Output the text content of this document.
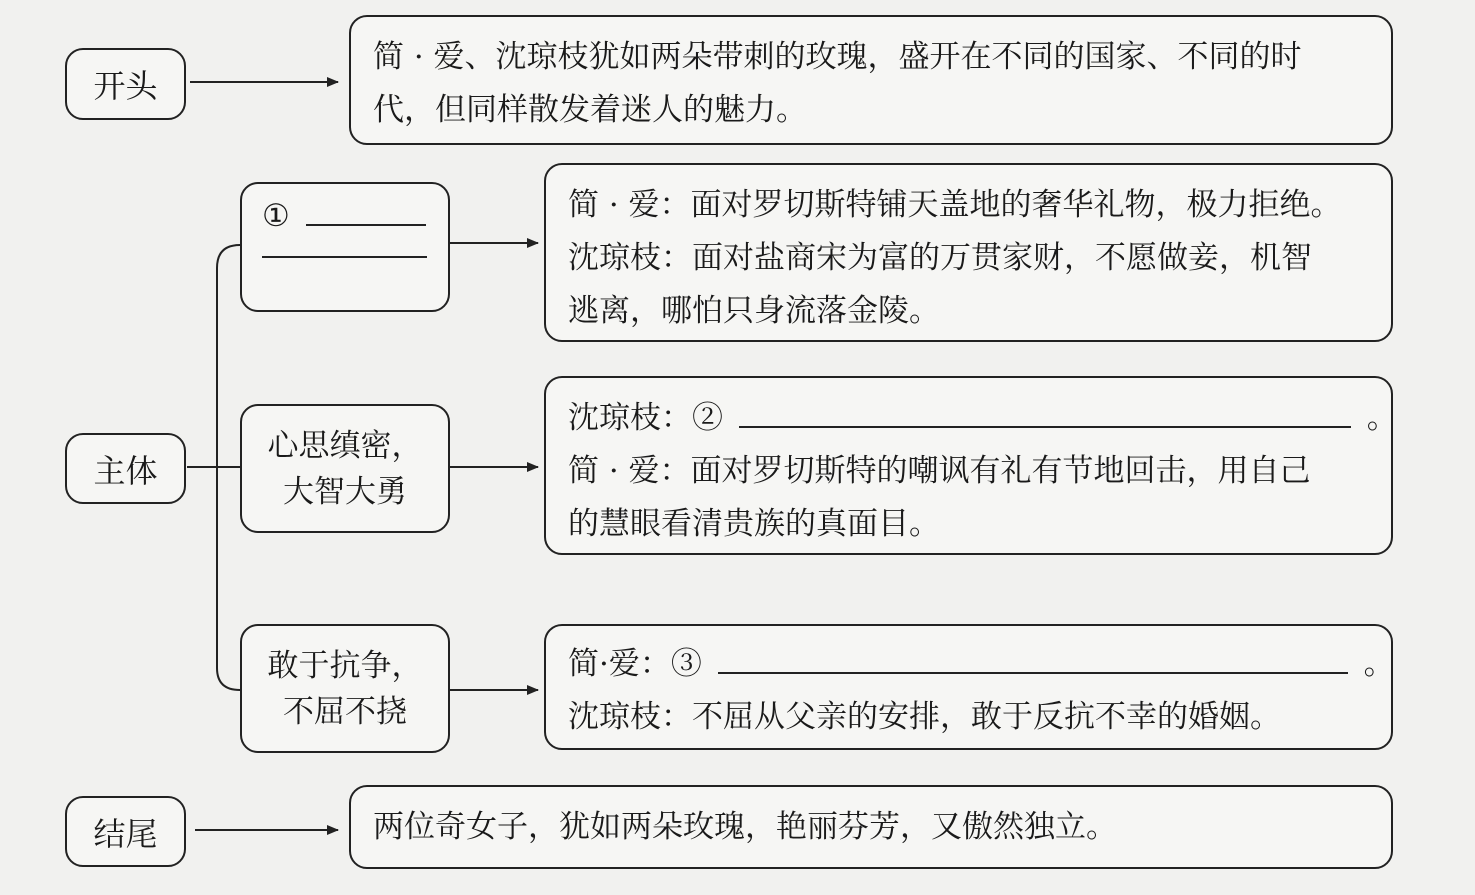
开头
简 · 爱、沈琼枝犹如两朵带刺的玫瑰，盛开在不同的国家、不同的时
代，但同样散发着迷人的魅力。
主体
①	简 · 爱：面对罗切斯特铺天盖地的奢华礼物，极力拒绝。
沈琼枝：面对盐商宋为富的万贯家财，不愿做妾，机智
逃离，哪怕只身流落金陵。
心思缜密，
大智大勇
沈琼枝：②	。
简 · 爱：面对罗切斯特的嘲讽有礼有节地回击，用自己
的慧眼看清贵族的真面目。
敢于抗争，
不屈不挠
简·爱：③	。
沈琼枝：不屈从父亲的安排，敢于反抗不幸的婚姻。
结尾	两位奇女子，犹如两朵玫瑰，艳丽芬芳，又傲然独立。
